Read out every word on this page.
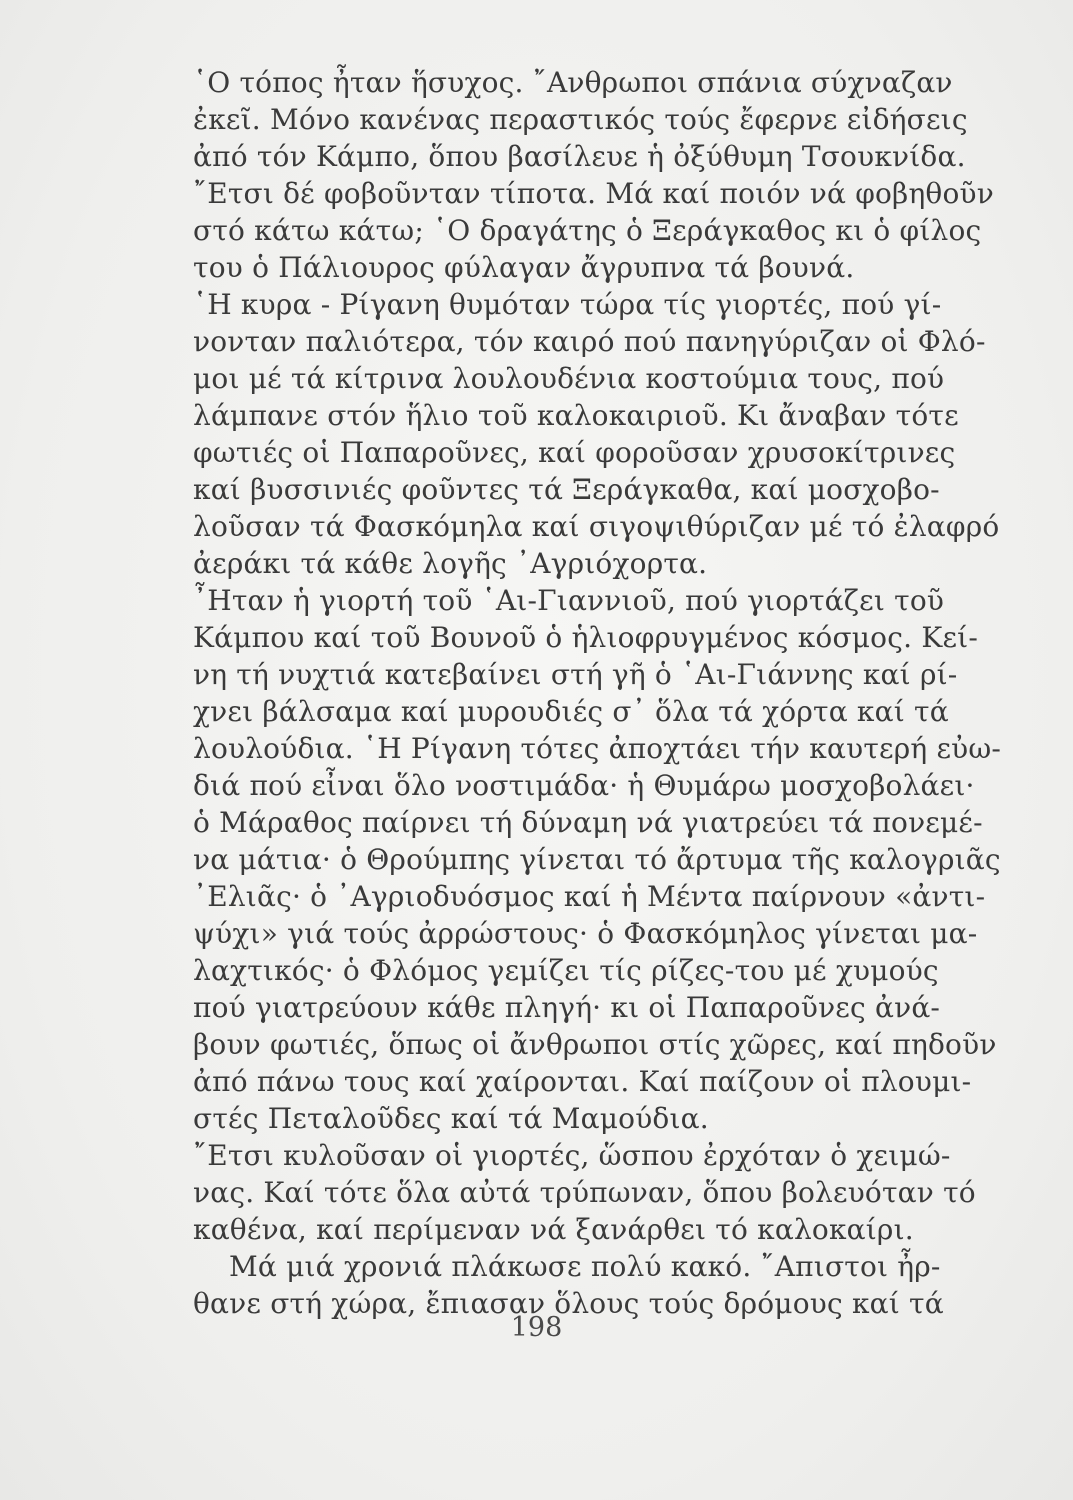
῾Ο τόπος ἦταν ἥσυχος. ῎Ανθρωποι σπάνια σύχναζαν
ἐκεῖ. Μόνο κανένας περαστικός τούς ἔφερνε εἰδήσεις
ἀπό τόν Κάμπο, ὅπου βασίλευε ἡ ὀξύθυμη Τσουκνίδα.
῎Ετσι δέ φοβοῦνταν τίποτα. Μά καί ποιόν νά φοβηθοῦν
στό κάτω κάτω; ῾Ο δραγάτης ὁ Ξεράγκαθος κι ὁ φίλος
του ὁ Πάλιουρος φύλαγαν ἄγρυπνα τά βουνά.
῾Η κυρα - Ρίγανη θυμόταν τώρα τίς γιορτές, πού γί-
νονταν παλιότερα, τόν καιρό πού πανηγύριζαν οἱ Φλό-
μοι μέ τά κίτρινα λουλουδένια κοστούμια τους, πού
λάμπανε στόν ἥλιο τοῦ καλοκαιριοῦ. Κι ἄναβαν τότε
φωτιές οἱ Παπαροῦνες, καί φοροῦσαν χρυσοκίτρινες
καί βυσσινιές φοῦντες τά Ξεράγκαθα, καί μοσχοβο-
λοῦσαν τά Φασκόμηλα καί σιγοψιθύριζαν μέ τό ἐλαφρό
ἀεράκι τά κάθε λογῆς ᾿Αγριόχορτα.
῏Ηταν ἡ γιορτή τοῦ ῾Αι-Γιαννιοῦ, πού γιορτάζει τοῦ
Κάμπου καί τοῦ Βουνοῦ ὁ ἡλιοφρυγμένος κόσμος. Κεί-
νη τή νυχτιά κατεβαίνει στή γῆ ὁ ῾Αι-Γιάννης καί ρί-
χνει βάλσαμα καί μυρουδιές σ᾿ ὅλα τά χόρτα καί τά
λουλούδια. ῾Η Ρίγανη τότες ἀποχτάει τήν καυτερή εὐω-
διά πού εἶναι ὅλο νοστιμάδα· ἡ Θυμάρω μοσχοβολάει·
ὁ Μάραθος παίρνει τή δύναμη νά γιατρεύει τά πονεμέ-
να μάτια· ὁ Θρούμπης γίνεται τό ἄρτυμα τῆς καλογριᾶς
᾿Ελιᾶς· ὁ ᾿Αγριοδυόσμος καί ἡ Μέντα παίρνουν «ἀντι-
ψύχι» γιά τούς ἀρρώστους· ὁ Φασκόμηλος γίνεται μα-
λαχτικός· ὁ Φλόμος γεμίζει τίς ρίζες-του μέ χυμούς
πού γιατρεύουν κάθε πληγή· κι οἱ Παπαροῦνες ἀνά-
βουν φωτιές, ὅπως οἱ ἄνθρωποι στίς χῶρες, καί πηδοῦν
ἀπό πάνω τους καί χαίρονται. Καί παίζουν οἱ πλουμι-
στές Πεταλοῦδες καί τά Μαμούδια.
῎Ετσι κυλοῦσαν οἱ γιορτές, ὥσπου ἐρχόταν ὁ χειμώ-
νας. Καί τότε ὅλα αὐτά τρύπωναν, ὅπου βολευόταν τό
καθένα, καί περίμεναν νά ξανάρθει τό καλοκαίρι.
Μά μιά χρονιά πλάκωσε πολύ κακό. ῎Απιστοι ἦρ-
θανε στή χώρα, ἔπιασαν ὅλους τούς δρόμους καί τά
198
